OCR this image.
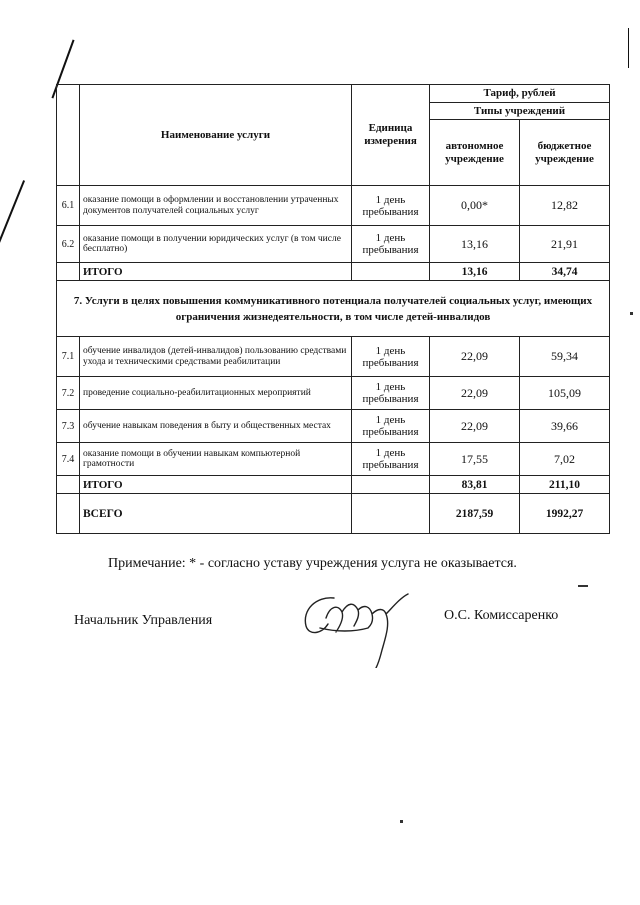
	Наименование услуги	Единица измерения	Тариф, рублей	
			Типы учреждений	
			автономное учреждение	бюджетное учреждение
6.1	оказание помощи в оформлении и восстановлении утраченных документов получателей социальных услуг	1 день пребывания	0,00*	12,82
6.2	оказание помощи в получении юридических услуг (в том числе бесплатно)	1 день пребывания	13,16	21,91
	ИТОГО		13,16	34,74
7. Услуги в целях повышения коммуникативного потенциала получателей социальных услуг, имеющих ограничения жизнедеятельности, в том числе детей-инвалидов				
7.1	обучение инвалидов (детей-инвалидов) пользованию средствами ухода и техническими средствами реабилитации	1 день пребывания	22,09	59,34
7.2	проведение социально-реабилитационных мероприятий	1 день пребывания	22,09	105,09
7.3	обучение навыкам поведения в быту и общественных местах	1 день пребывания	22,09	39,66
7.4	оказание помощи в обучении навыкам компьютерной грамотности	1 день пребывания	17,55	7,02
	ИТОГО		83,81	211,10
	ВСЕГО		2187,59	1992,27
Примечание: * - согласно уставу учреждения услуга не оказывается.
Начальник Управления	О.С. Комиссаренко
